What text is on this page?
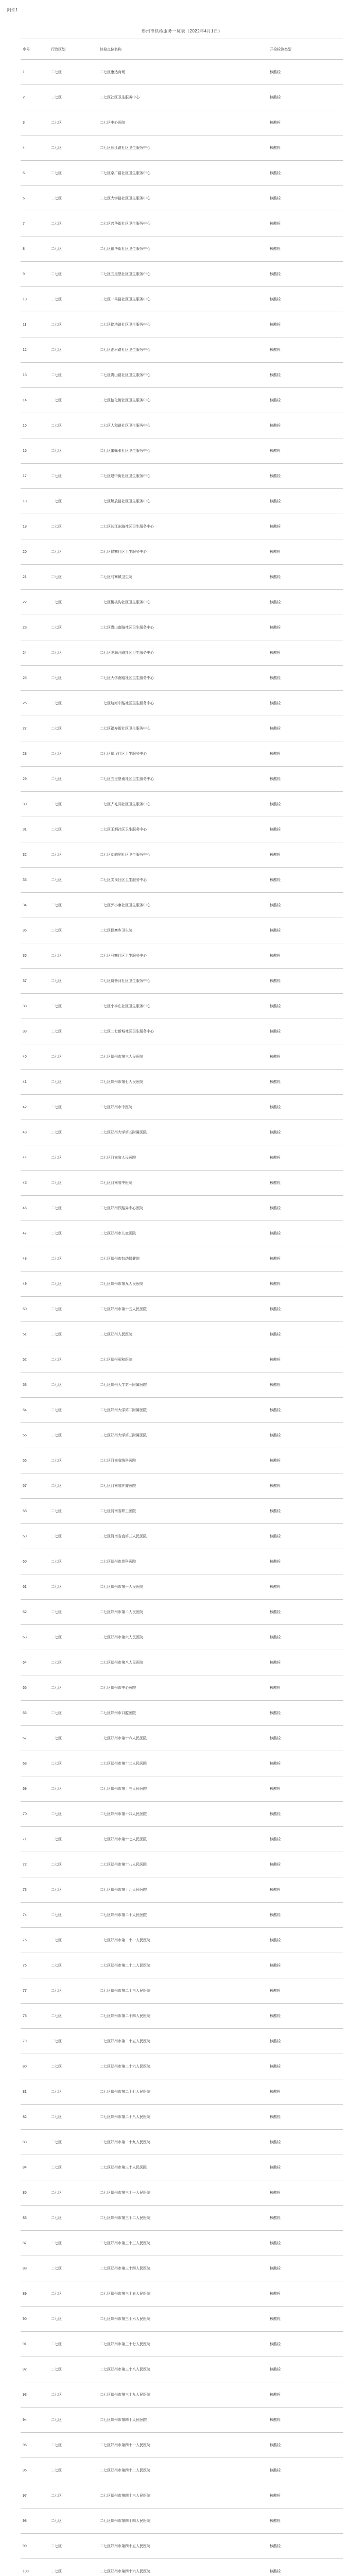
附件1
郑州市快检服务一览表（2022年4月1日）
序号	行政区划	快检点位名称	开检检测类型
1	二七区	二七区康达商场	核酸检
2	二七区	二七区社区卫生服务中心	核酸检
3	二七区	二七区中心医院	核酸检
4	二七区	二七区长江路社区卫生服务中心	核酸检
5	二七区	二七区京广路社区卫生服务中心	核酸检
6	二七区	二七区大学路社区卫生服务中心	核酸检
7	二七区	二七区兴华街社区卫生服务中心	核酸检
8	二七区	二七区福华街社区卫生服务中心	核酸检
9	二七区	二七区五里堡社区卫生服务中心	核酸检
10	二七区	二七区一马路社区卫生服务中心	核酸检
11	二七区	二七区铭功路社区卫生服务中心	核酸检
12	二七区	二七区淮河路社区卫生服务中心	核酸检
13	二七区	二七区嵩山路社区卫生服务中心	核酸检
14	二七区	二七区德化街社区卫生服务中心	核酸检
15	二七区	二七区人和路社区卫生服务中心	核酸检
16	二七区	二七区蜜蜂张社区卫生服务中心	核酸检
17	二七区	二七区建中街社区卫生服务中心	核酸检
18	二七区	二七区解放路社区卫生服务中心	核酸检
19	二七区	二七区长江东路社区卫生服务中心	核酸检
20	二七区	二七区侯寨社区卫生服务中心	核酸检
21	二七区	二七区马寨镇卫生院	核酸检
22	二七区	二七区樱桃沟社区卫生服务中心	核酸检
23	二七区	二七区嵩山南路社区卫生服务中心	核酸检
24	二七区	二七区陇海西路社区卫生服务中心	核酸检
25	二七区	二七区大学南路社区卫生服务中心	核酸检
26	二七区	二七区航海中路社区卫生服务中心	核酸检
27	二七区	二七区福寿街社区卫生服务中心	核酸检
28	二七区	二七区郑飞社区卫生服务中心	核酸检
29	二七区	二七区五里堡南社区卫生服务中心	核酸检
30	二七区	二七区齐礼阎社区卫生服务中心	核酸检
31	二七区	二七区王垌社区卫生服务中心	核酸检
32	二七区	二七区刘胡垌社区卫生服务中心	核酸检
33	二七区	二七区尖岗社区卫生服务中心	核酸检
34	二七区	二七区郭小寨社区卫生服务中心	核酸检
35	二七区	二七区侯寨乡卫生院	核酸检
36	二七区	二七区马寨社区卫生服务中心	核酸检
37	二七区	二七区贾鲁河社区卫生服务中心	核酸检
38	二七区	二七区小李庄社区卫生服务中心	核酸检
39	二七区	二七区二七新城社区卫生服务中心	核酸检
40	二七区	二七区郑州市第三人民医院	核酸检
41	二七区	二七区郑州市第七人民医院	核酸检
42	二七区	二七区郑州市中医院	核酸检
43	二七区	二七区郑州大学第五附属医院	核酸检
44	二七区	二七区河南省人民医院	核酸检
45	二七区	二七区河南省中医院	核酸检
46	二七区	二七区郑州铁路局中心医院	核酸检
47	二七区	二七区郑州市儿童医院	核酸检
48	二七区	二七区郑州市妇幼保健院	核酸检
49	二七区	二七区郑州市第九人民医院	核酸检
50	二七区	二七区郑州市第十五人民医院	核酸检
51	二七区	二七区郑州人民医院	核酸检
52	二七区	二七区郑州颐和医院	核酸检
53	二七区	二七区郑州大学第一附属医院	核酸检
54	二七区	二七区郑州大学第二附属医院	核酸检
55	二七区	二七区郑州大学第三附属医院	核酸检
56	二七区	二七区河南省胸科医院	核酸检
57	二七区	二七区河南省肿瘤医院	核酸检
58	二七区	二七区河南省职工医院	核酸检
59	二七区	二七区河南省直第三人民医院	核酸检
60	二七区	二七区郑州市骨科医院	核酸检
61	二七区	二七区郑州市第一人民医院	核酸检
62	二七区	二七区郑州市第二人民医院	核酸检
63	二七区	二七区郑州市第六人民医院	核酸检
64	二七区	二七区郑州市第八人民医院	核酸检
65	二七区	二七区郑州市中心医院	核酸检
66	二七区	二七区郑州市口腔医院	核酸检
67	二七区	二七区郑州市第十六人民医院	核酸检
68	二七区	二七区郑州市第十二人民医院	核酸检
69	二七区	二七区郑州市第十三人民医院	核酸检
70	二七区	二七区郑州市第十四人民医院	核酸检
71	二七区	二七区郑州市第十七人民医院	核酸检
72	二七区	二七区郑州市第十八人民医院	核酸检
73	二七区	二七区郑州市第十九人民医院	核酸检
74	二七区	二七区郑州市第二十人民医院	核酸检
75	二七区	二七区郑州市第二十一人民医院	核酸检
76	二七区	二七区郑州市第二十二人民医院	核酸检
77	二七区	二七区郑州市第二十三人民医院	核酸检
78	二七区	二七区郑州市第二十四人民医院	核酸检
79	二七区	二七区郑州市第二十五人民医院	核酸检
80	二七区	二七区郑州市第二十六人民医院	核酸检
81	二七区	二七区郑州市第二十七人民医院	核酸检
82	二七区	二七区郑州市第二十八人民医院	核酸检
83	二七区	二七区郑州市第二十九人民医院	核酸检
84	二七区	二七区郑州市第三十人民医院	核酸检
85	二七区	二七区郑州市第三十一人民医院	核酸检
86	二七区	二七区郑州市第三十二人民医院	核酸检
87	二七区	二七区郑州市第三十三人民医院	核酸检
88	二七区	二七区郑州市第三十四人民医院	核酸检
89	二七区	二七区郑州市第三十五人民医院	核酸检
90	二七区	二七区郑州市第三十六人民医院	核酸检
91	二七区	二七区郑州市第三十七人民医院	核酸检
92	二七区	二七区郑州市第三十八人民医院	核酸检
93	二七区	二七区郑州市第三十九人民医院	核酸检
94	二七区	二七区郑州市第四十人民医院	核酸检
95	二七区	二七区郑州市第四十一人民医院	核酸检
96	二七区	二七区郑州市第四十二人民医院	核酸检
97	二七区	二七区郑州市第四十三人民医院	核酸检
98	二七区	二七区郑州市第四十四人民医院	核酸检
99	二七区	二七区郑州市第四十五人民医院	核酸检
100	二七区	二七区郑州市第四十六人民医院	核酸检
